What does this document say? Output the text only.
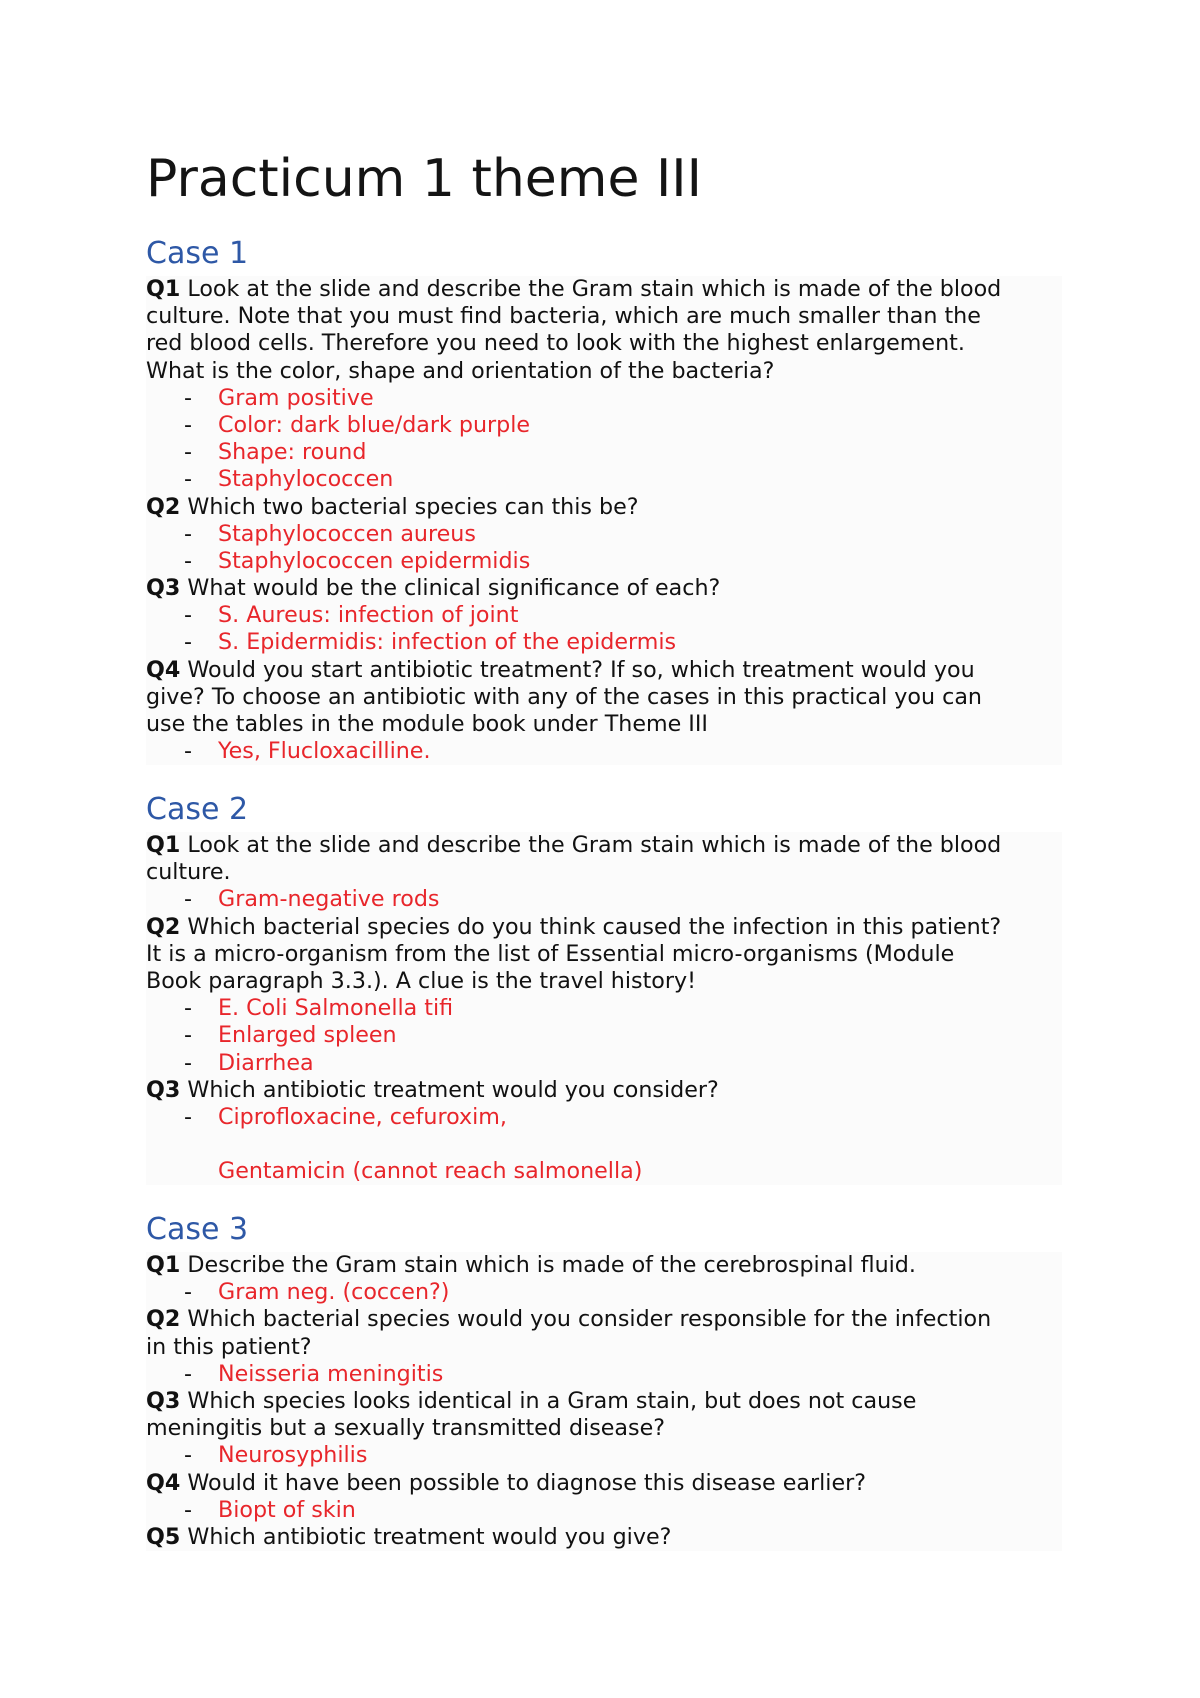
Practicum 1 theme III
Case 1
Q1 Look at the slide and describe the Gram stain which is made of the blood
culture. Note that you must find bacteria, which are much smaller than the
red blood cells. Therefore you need to look with the highest enlargement.
What is the color, shape and orientation of the bacteria?
- Gram positive
- Color: dark blue/dark purple
- Shape: round
- Staphylococcen
Q2 Which two bacterial species can this be?
- Staphylococcen aureus
- Staphylococcen epidermidis
Q3 What would be the clinical significance of each?
- S. Aureus: infection of joint
- S. Epidermidis: infection of the epidermis
Q4 Would you start antibiotic treatment? If so, which treatment would you
give? To choose an antibiotic with any of the cases in this practical you can
use the tables in the module book under Theme III
- Yes, Flucloxacilline.
Case 2
Q1 Look at the slide and describe the Gram stain which is made of the blood
culture.
- Gram-negative rods
Q2 Which bacterial species do you think caused the infection in this patient?
It is a micro-organism from the list of Essential micro-organisms (Module
Book paragraph 3.3.). A clue is the travel history!
- E. Coli Salmonella tifi
- Enlarged spleen
- Diarrhea
Q3 Which antibiotic treatment would you consider?
- Ciprofloxacine, cefuroxim,
Gentamicin (cannot reach salmonella)
Case 3
Q1 Describe the Gram stain which is made of the cerebrospinal fluid.
- Gram neg. (coccen?)
Q2 Which bacterial species would you consider responsible for the infection
in this patient?
- Neisseria meningitis
Q3 Which species looks identical in a Gram stain, but does not cause
meningitis but a sexually transmitted disease?
- Neurosyphilis
Q4 Would it have been possible to diagnose this disease earlier?
- Biopt of skin
Q5 Which antibiotic treatment would you give?
